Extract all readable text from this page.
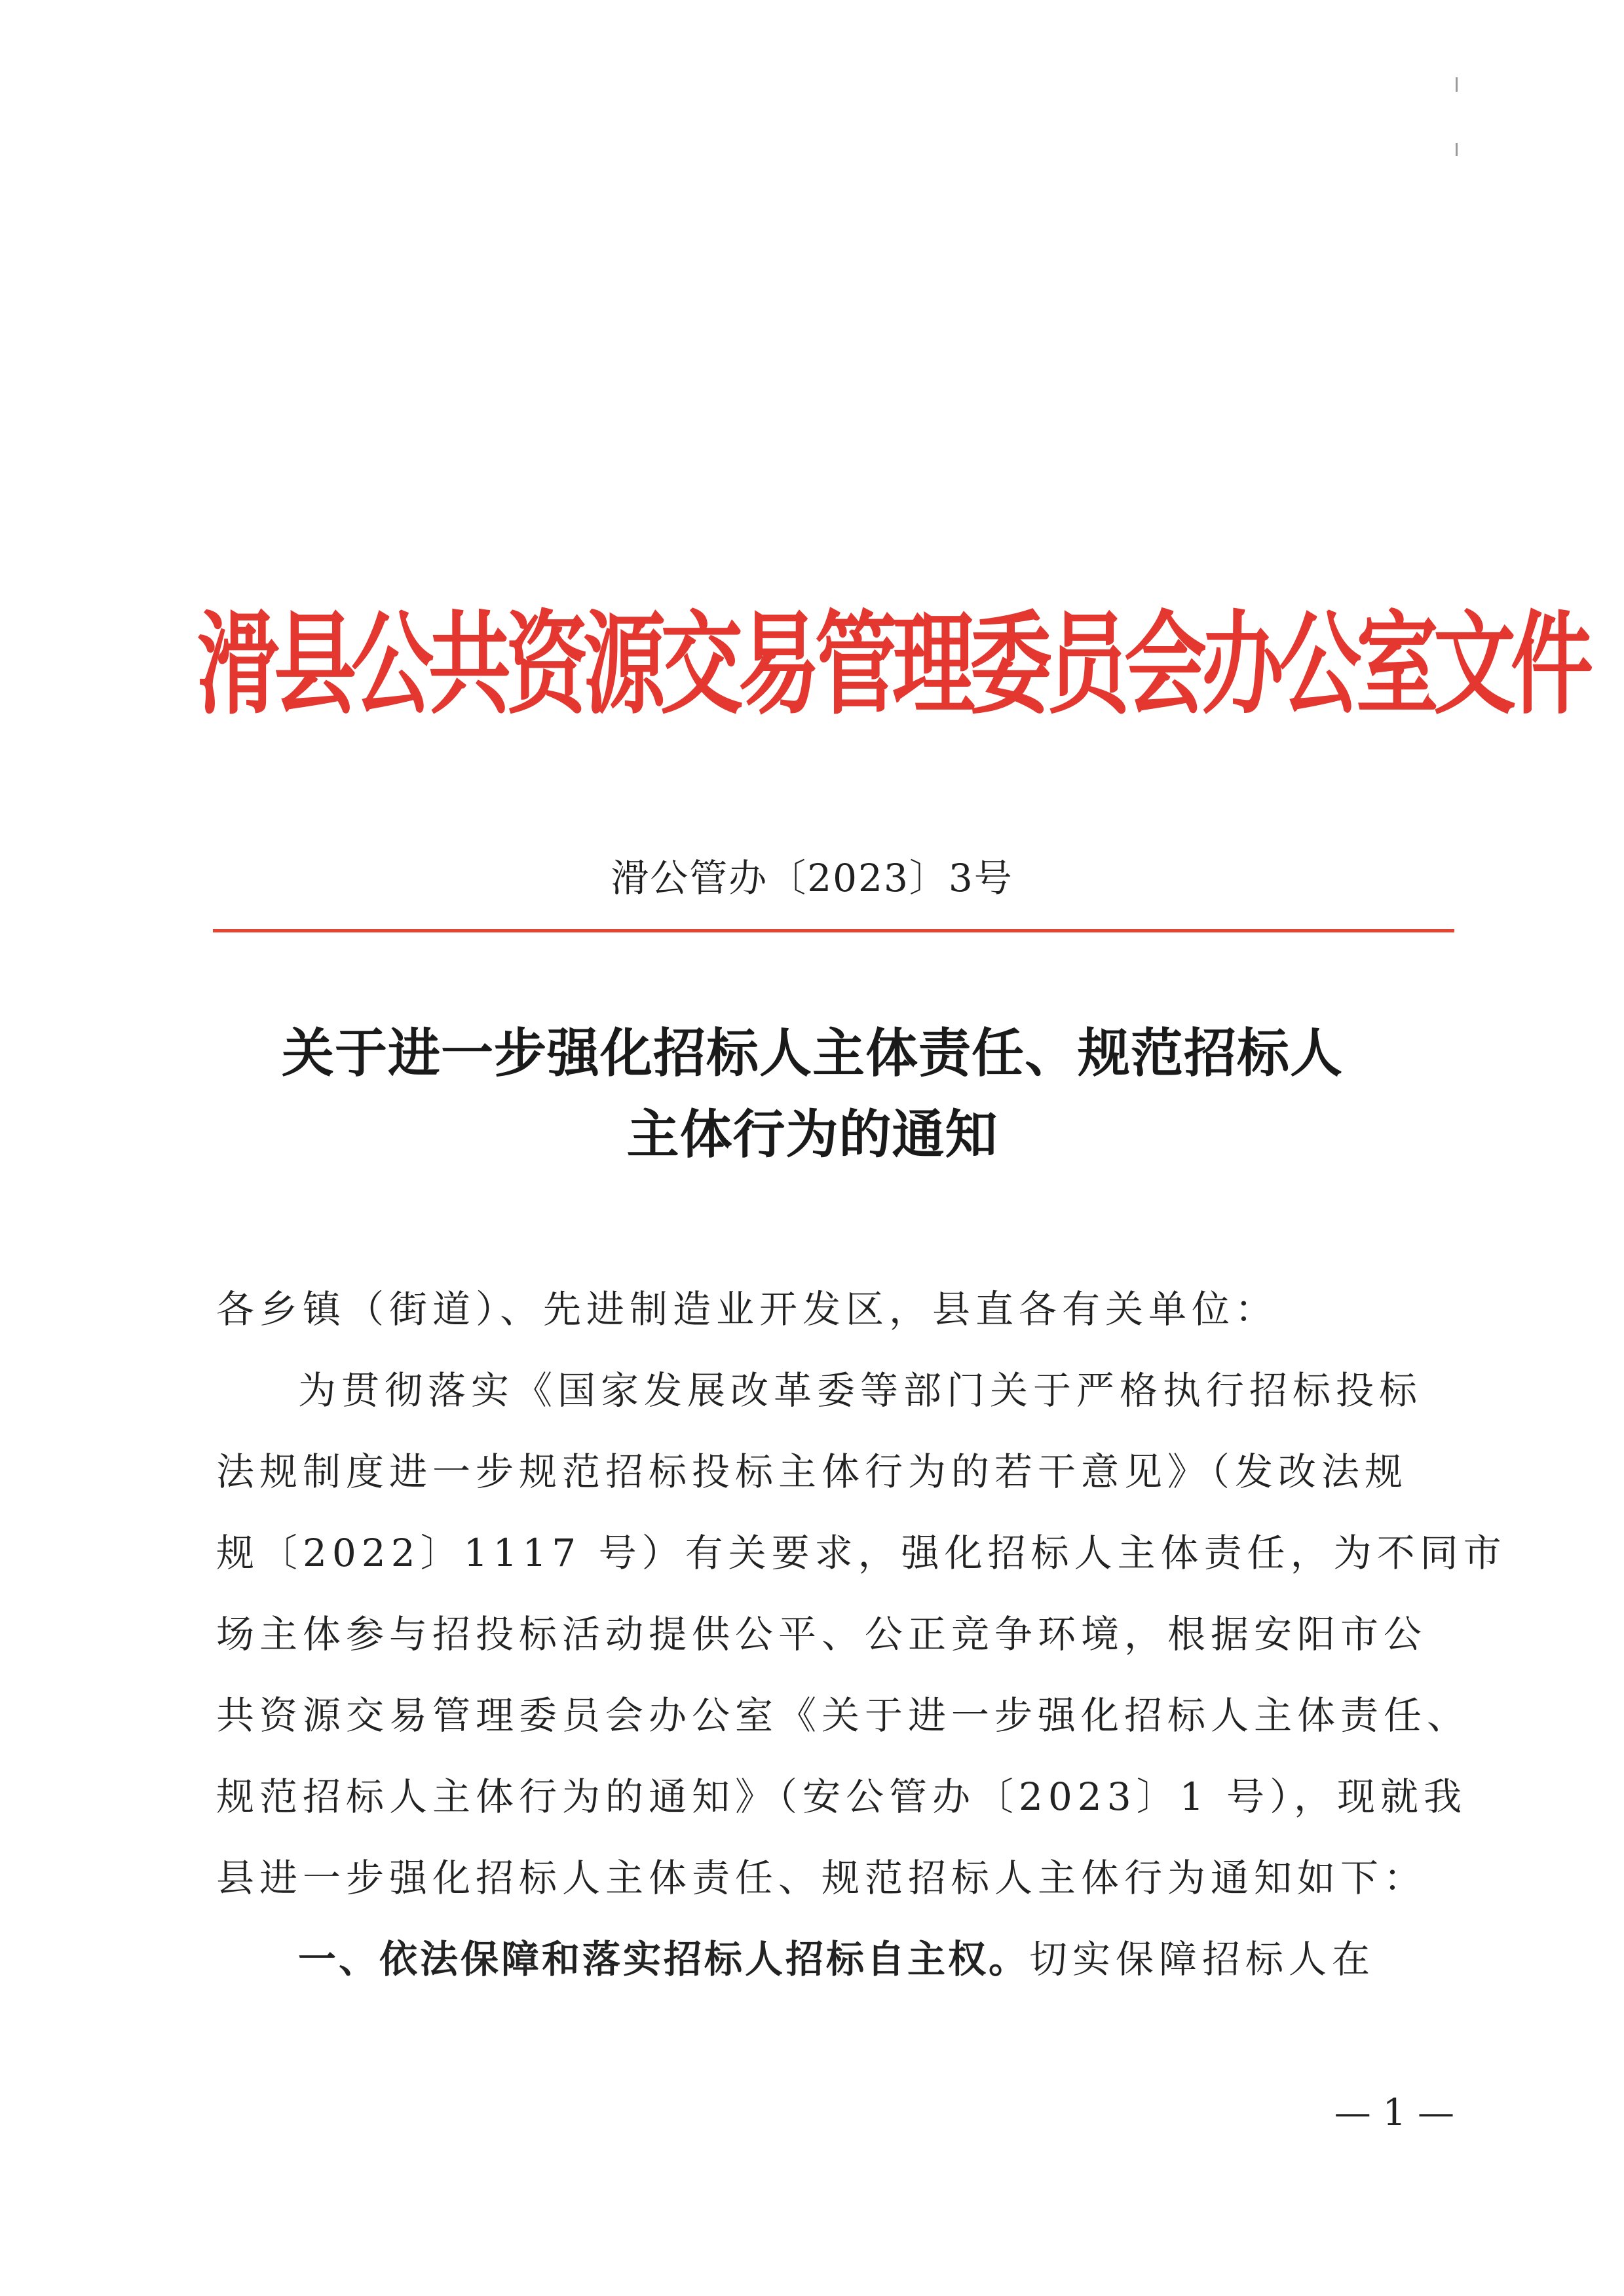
滑县公共资源交易管理委员会办公室文件
滑公管办〔2023〕3号
关于进一步强化招标人主体责任、规范招标人
主体行为的通知
各乡镇（街道）、先进制造业开发区，县直各有关单位：
为贯彻落实《国家发展改革委等部门关于严格执行招标投标
法规制度进一步规范招标投标主体行为的若干意见》（发改法规
规〔2022〕1117 号）有关要求，强化招标人主体责任，为不同市
场主体参与招投标活动提供公平、公正竞争环境，根据安阳市公
共资源交易管理委员会办公室《关于进一步强化招标人主体责任、
规范招标人主体行为的通知》（安公管办〔2023〕1 号），现就我
县进一步强化招标人主体责任、规范招标人主体行为通知如下：
一、依法保障和落实招标人招标自主权。切实保障招标人在
— 1 —
